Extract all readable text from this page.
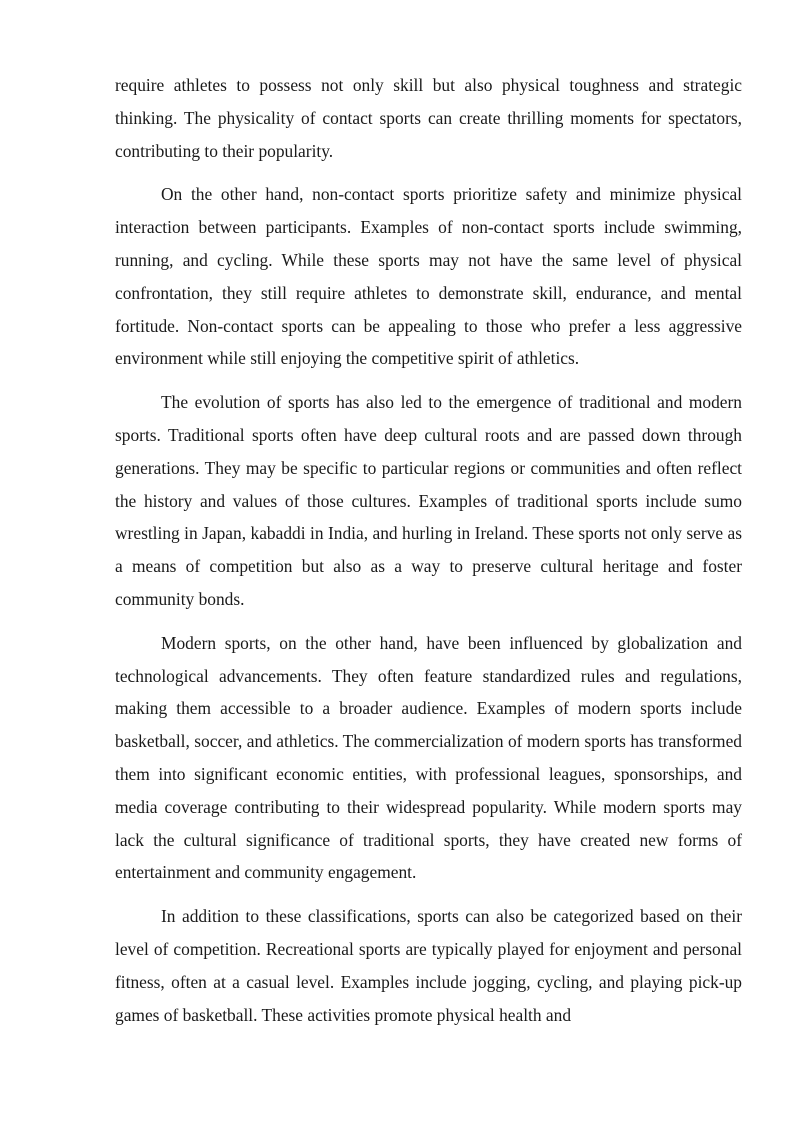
require athletes to possess not only skill but also physical toughness and strategic thinking. The physicality of contact sports can create thrilling moments for spectators, contributing to their popularity.

On the other hand, non-contact sports prioritize safety and minimize physical interaction between participants. Examples of non-contact sports include swimming, running, and cycling. While these sports may not have the same level of physical confrontation, they still require athletes to demonstrate skill, endurance, and mental fortitude. Non-contact sports can be appealing to those who prefer a less aggressive environment while still enjoying the competitive spirit of athletics.

The evolution of sports has also led to the emergence of traditional and modern sports. Traditional sports often have deep cultural roots and are passed down through generations. They may be specific to particular regions or communities and often reflect the history and values of those cultures. Examples of traditional sports include sumo wrestling in Japan, kabaddi in India, and hurling in Ireland. These sports not only serve as a means of competition but also as a way to preserve cultural heritage and foster community bonds.

Modern sports, on the other hand, have been influenced by globalization and technological advancements. They often feature standardized rules and regulations, making them accessible to a broader audience. Examples of modern sports include basketball, soccer, and athletics. The commercialization of modern sports has transformed them into significant economic entities, with professional leagues, sponsorships, and media coverage contributing to their widespread popularity. While modern sports may lack the cultural significance of traditional sports, they have created new forms of entertainment and community engagement.

In addition to these classifications, sports can also be categorized based on their level of competition. Recreational sports are typically played for enjoyment and personal fitness, often at a casual level. Examples include jogging, cycling, and playing pick-up games of basketball. These activities promote physical health and
